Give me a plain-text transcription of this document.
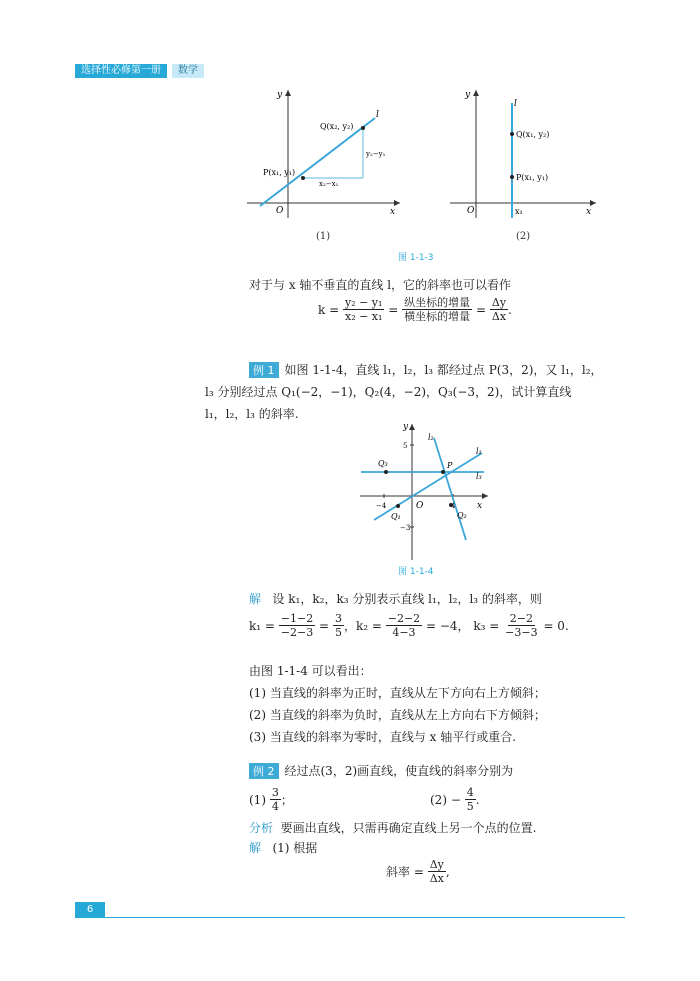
选择性必修第一册	数学
y
x
O
l
Q(x₂, y₂)
P(x₁, y₁)
y₂−y₁
x₂−x₁
(1)
y
x
O
l
Q(x₁, y₂)
P(x₁, y₁)
x₁
(2)
图 1-1-3
对于与 x 轴不垂直的直线 l，它的斜率也可以看作
k =
$\frac{\text{y₂ − y₁}}{\text{x₂ − x₁}}$
=
$\frac{\text{纵坐标的增量}}{\text{横坐标的增量}}$
=
$\frac{\Delta y}{\Delta x}$ .
例 1 如图 1-1-4，直线 l₁，l₂，l₃ 都经过点 P(3，2)，又 l₁，l₂，
l₃ 分别经过点 Q₁(−2，−1)，Q₂(4，−2)，Q₃(−3，2)，试计算直线
l₁，l₂，l₃ 的斜率.
y
x
O
5
−4	4
−3
l₁
l₂
l₃
P
Q₁	Q₂
Q₃
图 1-1-4
解 设 k₁，k₂，k₃ 分别表示直线 l₁，l₂，l₃ 的斜率，则
k₁ =
$\frac{-1-2}{-2-3}$
=
$\frac{3}{5}$ ， k₂ =
$\frac{-2-2}{4-3}$
= −4，
k₃ =
$\frac{2-2}{-3-3}$
= 0.
由图 1-1-4 可以看出：
(1) 当直线的斜率为正时，直线从左下方向右上方倾斜；
(2) 当直线的斜率为负时，直线从左上方向右下方倾斜；
(3) 当直线的斜率为零时，直线与 x 轴平行或重合.
例 2 经过点(3，2)画直线，使直线的斜率分别为
(1)
$\frac{3}{4}$ ；	(2) −
$\frac{4}{5}$ .
分析 要画出直线，只需再确定直线上另一个点的位置.
解 (1) 根据
斜率 =
$\frac{\Delta y}{\Delta x}$ ,
6
